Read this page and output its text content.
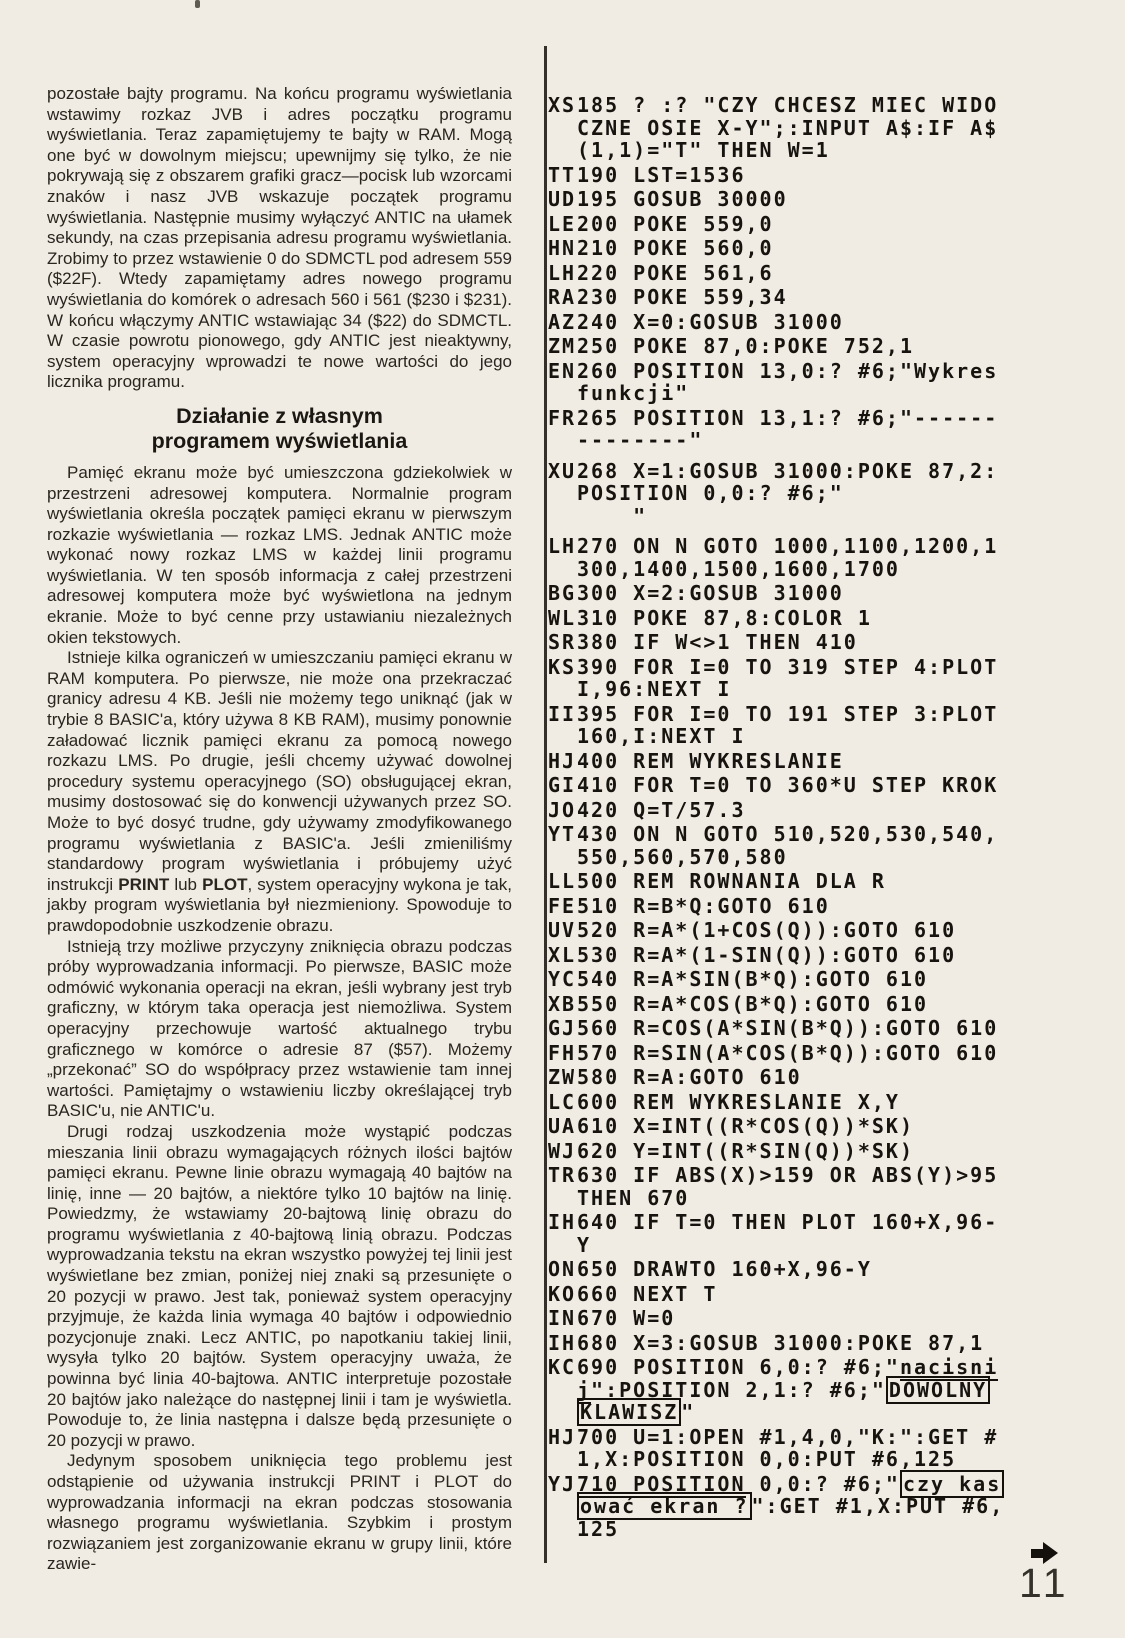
pozostałe bajty programu. Na końcu programu wyświetlania wstawimy rozkaz JVB i adres początku programu wyświetlania. Teraz zapamiętujemy te bajty w RAM. Mogą one być w dowolnym miejscu; upewnijmy się tylko, że nie pokrywają się z obszarem grafiki gracz—pocisk lub wzorcami znaków i nasz JVB wskazuje początek programu wyświetlania. Następnie musimy wyłączyć ANTIC na ułamek sekundy, na czas przepisania adresu programu wyświetlania. Zrobimy to przez wstawienie 0 do SDMCTL pod adresem 559 ($22F). Wtedy zapamiętamy adres nowego programu wyświetlania do komórek o adresach 560 i 561 ($230 i $231). W końcu włączymy ANTIC wstawiając 34 ($22) do SDMCTL. W czasie powrotu pionowego, gdy ANTIC jest nieaktywny, system operacyjny wprowadzi te nowe wartości do jego licznika programu.

Działanie z własnym
programem wyświetlania

Pamięć ekranu może być umieszczona gdziekolwiek w przestrzeni adresowej komputera. Normalnie program wyświetlania określa początek pamięci ekranu w pierwszym rozkazie wyświetlania — rozkaz LMS. Jednak ANTIC może wykonać nowy rozkaz LMS w każdej linii programu wyświetlania. W ten sposób informacja z całej przestrzeni adresowej komputera może być wyświetlona na jednym ekranie. Może to być cenne przy ustawianiu niezależnych okien tekstowych.

Istnieje kilka ograniczeń w umieszczaniu pamięci ekranu w RAM komputera. Po pierwsze, nie może ona przekraczać granicy adresu 4 KB. Jeśli nie możemy tego uniknąć (jak w trybie 8 BASIC'a, który używa 8 KB RAM), musimy ponownie załadować licznik pamięci ekranu za pomocą nowego rozkazu LMS. Po drugie, jeśli chcemy używać dowolnej procedury systemu operacyjnego (SO) obsługującej ekran, musimy dostosować się do konwencji używanych przez SO. Może to być dosyć trudne, gdy używamy zmodyfikowanego programu wyświetlania z BASIC'a. Jeśli zmieniliśmy standardowy program wyświetlania i próbujemy użyć instrukcji PRINT lub PLOT, system operacyjny wykona je tak, jakby program wyświetlania był niezmieniony. Spowoduje to prawdopodobnie uszkodzenie obrazu.

Istnieją trzy możliwe przyczyny zniknięcia obrazu podczas próby wyprowadzania informacji. Po pierwsze, BASIC może odmówić wykonania operacji na ekran, jeśli wybrany jest tryb graficzny, w którym taka operacja jest niemożliwa. System operacyjny przechowuje wartość aktualnego trybu graficznego w komórce o adresie 87 ($57). Możemy „przekonać” SO do współpracy przez wstawienie tam innej wartości. Pamiętajmy o wstawieniu liczby określającej tryb BASIC'u, nie ANTIC'u.

Drugi rodzaj uszkodzenia może wystąpić podczas mieszania linii obrazu wymagających różnych ilości bajtów pamięci ekranu. Pewne linie obrazu wymagają 40 bajtów na linię, inne — 20 bajtów, a niektóre tylko 10 bajtów na linię. Powiedzmy, że wstawiamy 20-bajtową linię obrazu do programu wyświetlania z 40-bajtową linią obrazu. Podczas wyprowadzania tekstu na ekran wszystko powyżej tej linii jest wyświetlane bez zmian, poniżej niej znaki są przesunięte o 20 pozycji w prawo. Jest tak, ponieważ system operacyjny przyjmuje, że każda linia wymaga 40 bajtów i odpowiednio pozycjonuje znaki. Lecz ANTIC, po napotkaniu takiej linii, wysyła tylko 20 bajtów. System operacyjny uważa, że powinna być linia 40-bajtowa. ANTIC interpretuje pozostałe 20 bajtów jako należące do następnej linii i tam je wyświetla. Powoduje to, że linia następna i dalsze będą przesunięte o 20 pozycji w prawo.

Jedynym sposobem uniknięcia tego problemu jest odstąpienie od używania instrukcji PRINT i PLOT do wyprowadzania informacji na ekran podczas stosowania własnego programu wyświetlania. Szybkim i prostym rozwiązaniem jest zorganizowanie ekranu w grupy linii, które zawie-

XS 185 ? :? "CZY CHCESZ MIEC WIDO
CZNE OSIE X-Y";:INPUT A$:IF A$
(1,1)="T" THEN W=1
TT 190 LST=1536
UD 195 GOSUB 30000
LE 200 POKE 559,0
HN 210 POKE 560,0
LH 220 POKE 561,6
RA 230 POKE 559,34
AZ 240 X=0:GOSUB 31000
ZM 250 POKE 87,0:POKE 752,1
EN 260 POSITION 13,0:? #6;"Wykres
funkcji"
FR 265 POSITION 13,1:? #6;"------
--------"
XU 268 X=1:GOSUB 31000:POKE 87,2:
POSITION 0,0:? #6;"
"
LH 270 ON N GOTO 1000,1100,1200,1
300,1400,1500,1600,1700
BG 300 X=2:GOSUB 31000
WL 310 POKE 87,8:COLOR 1
SR 380 IF W<>1 THEN 410
KS 390 FOR I=0 TO 319 STEP 4:PLOT
I,96:NEXT I
II 395 FOR I=0 TO 191 STEP 3:PLOT
160,I:NEXT I
HJ 400 REM WYKRESLANIE
GI 410 FOR T=0 TO 360*U STEP KROK
JO 420 Q=T/57.3
YT 430 ON N GOTO 510,520,530,540,
550,560,570,580
LL 500 REM ROWNANIA DLA R
FE 510 R=B*Q:GOTO 610
UV 520 R=A*(1+COS(Q)):GOTO 610
XL 530 R=A*(1-SIN(Q)):GOTO 610
YC 540 R=A*SIN(B*Q):GOTO 610
XB 550 R=A*COS(B*Q):GOTO 610
GJ 560 R=COS(A*SIN(B*Q)):GOTO 610
FH 570 R=SIN(A*COS(B*Q)):GOTO 610
ZW 580 R=A:GOTO 610
LC 600 REM WYKRESLANIE X,Y
UA 610 X=INT((R*COS(Q))*SK)
WJ 620 Y=INT((R*SIN(Q))*SK)
TR 630 IF ABS(X)>159 OR ABS(Y)>95
THEN 670
IH 640 IF T=0 THEN PLOT 160+X,96-
Y
ON 650 DRAWTO 160+X,96-Y
KO 660 NEXT T
IN 670 W=0
IH 680 X=3:GOSUB 31000:POKE 87,1
KC 690 POSITION 6,0:? #6;"nacisni
j":POSITION 2,1:? #6;" DOWOLNY
KLAWISZ "
HJ 700 U=1:OPEN #1,4,0,"K:":GET #
1,X:POSITION 0,0:PUT #6,125
YJ 710 POSITION 0,0:? #6;" czy kas
ować ekran ? ":GET #1,X:PUT #6,
125
11
